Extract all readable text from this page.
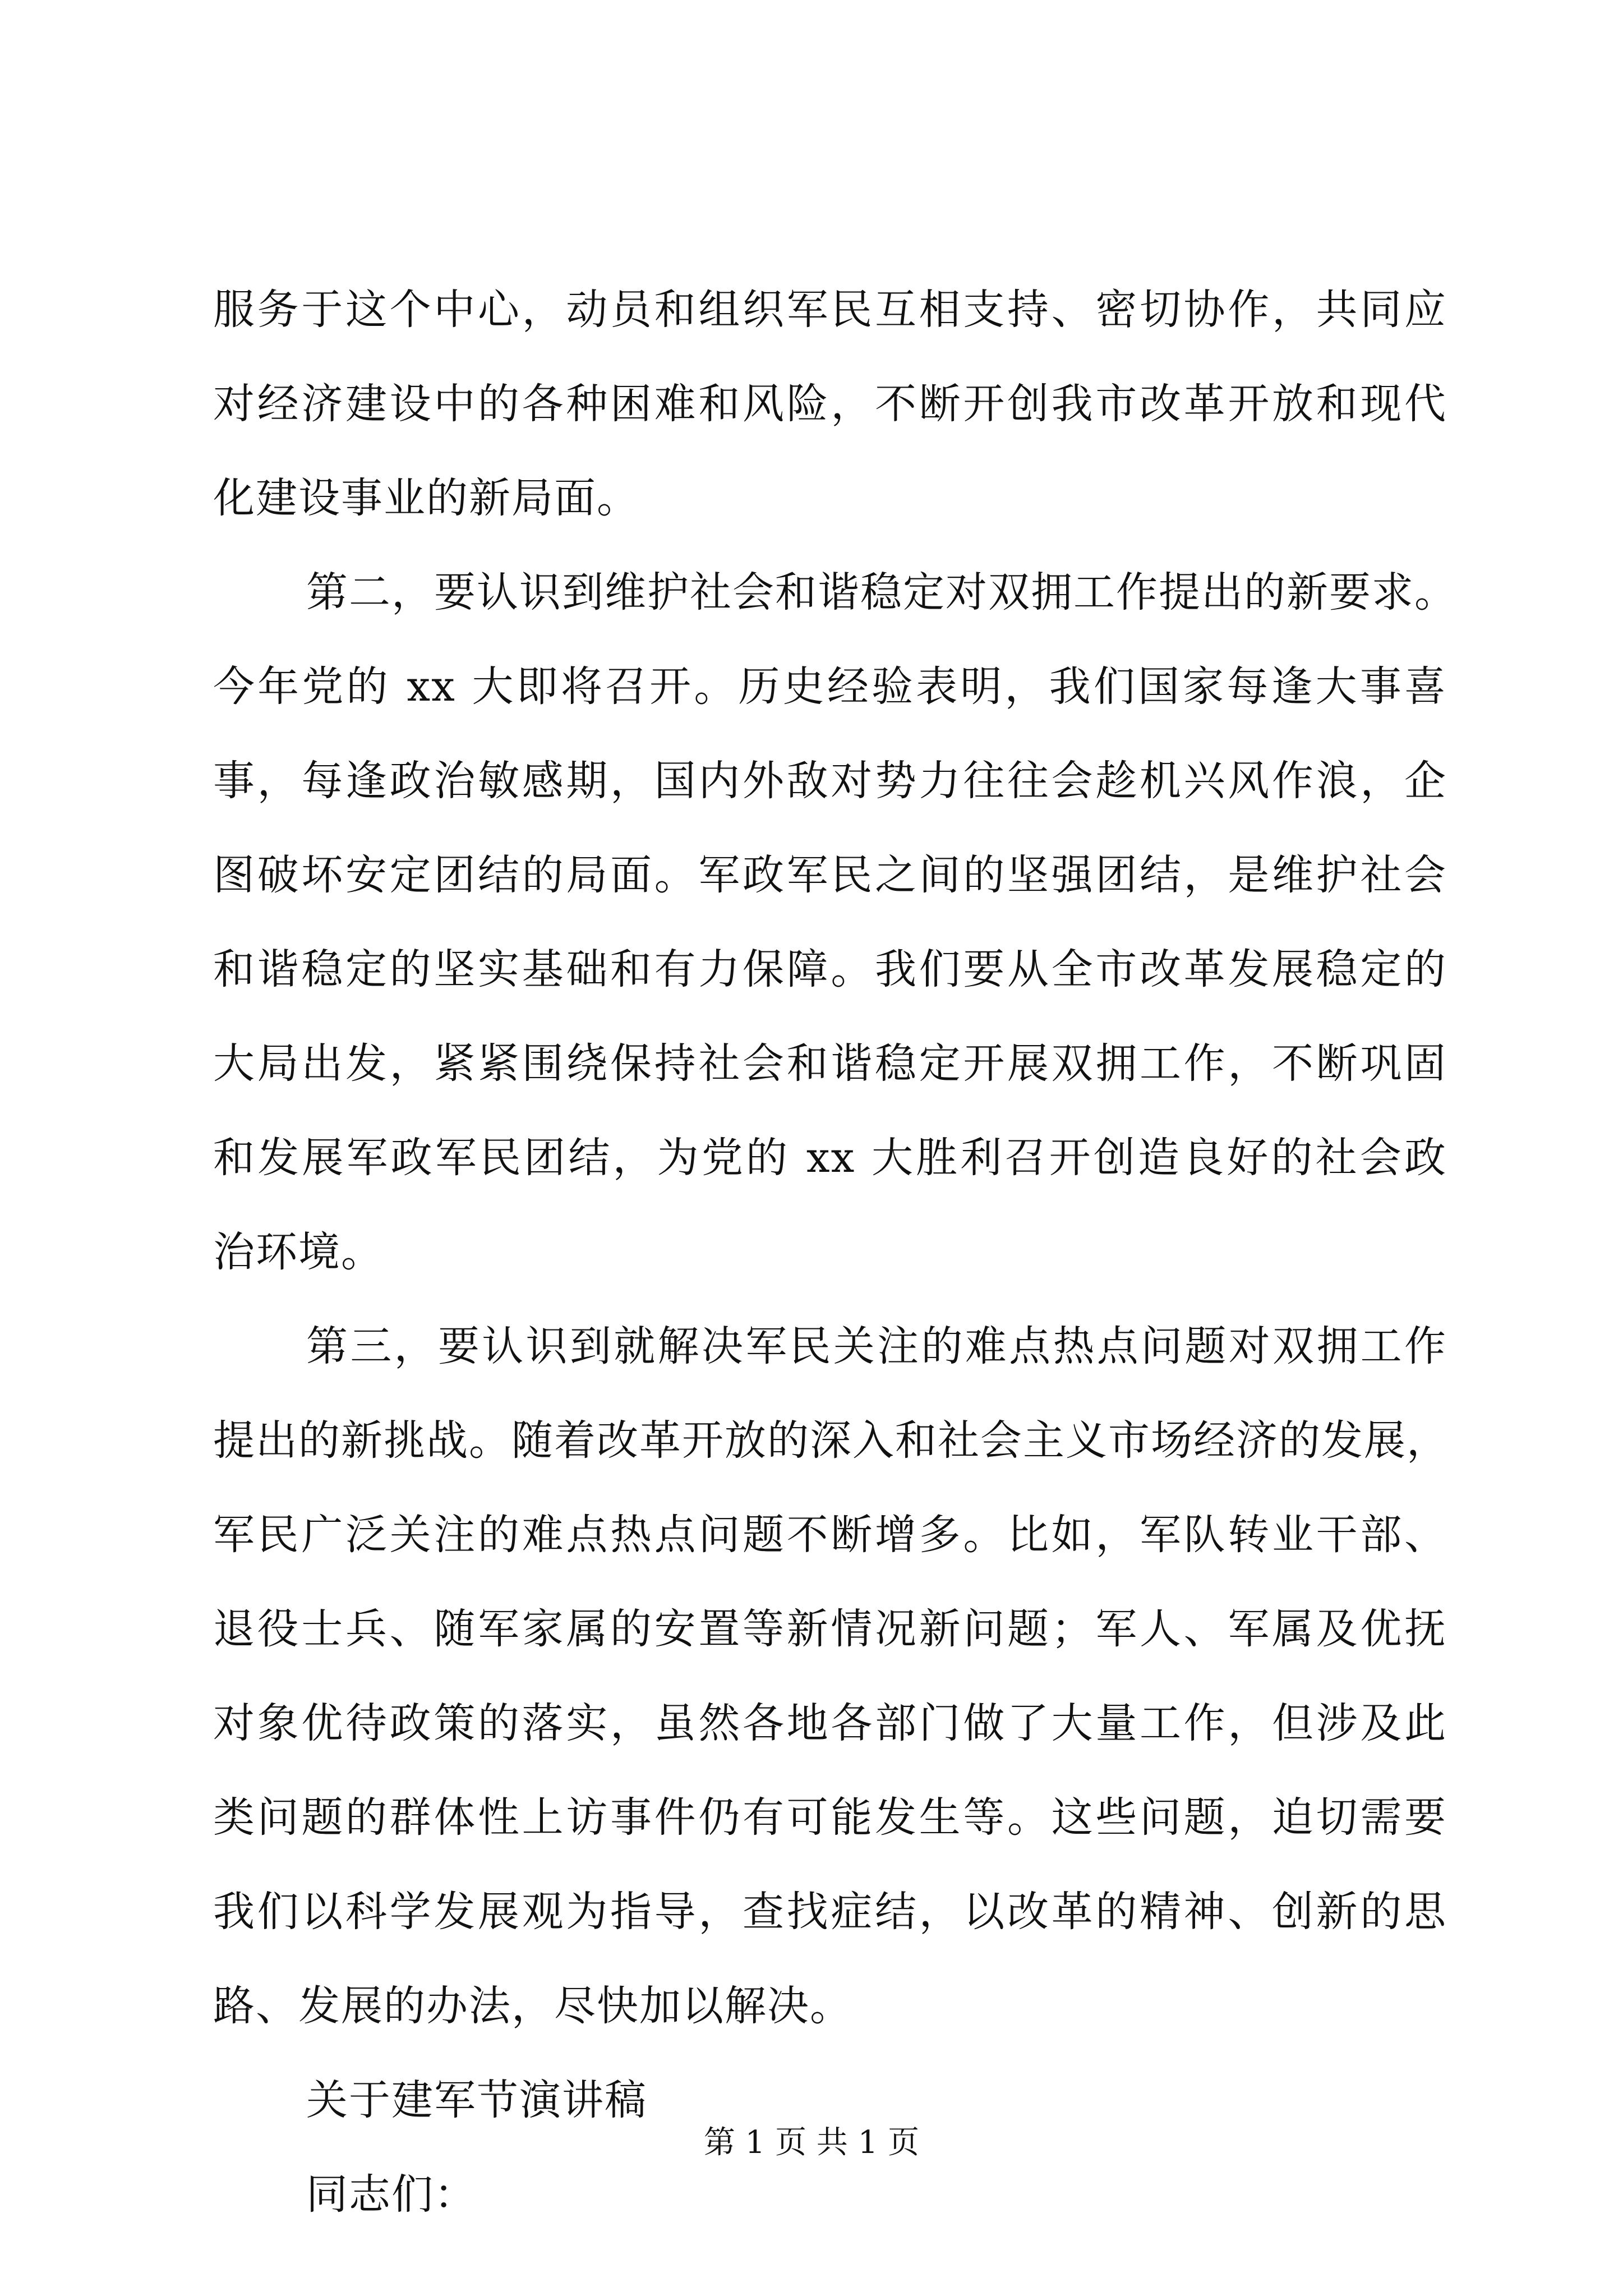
服务于这个中心，动员和组织军民互相支持、密切协作，共同应
对经济建设中的各种困难和风险，不断开创我市改革开放和现代
化建设事业的新局面。
第二，要认识到维护社会和谐稳定对双拥工作提出的新要求。
今年党的 xx 大即将召开。历史经验表明，我们国家每逢大事喜
事，每逢政治敏感期，国内外敌对势力往往会趁机兴风作浪，企
图破坏安定团结的局面。军政军民之间的坚强团结，是维护社会
和谐稳定的坚实基础和有力保障。我们要从全市改革发展稳定的
大局出发，紧紧围绕保持社会和谐稳定开展双拥工作，不断巩固
和发展军政军民团结，为党的 xx 大胜利召开创造良好的社会政
治环境。
第三，要认识到就解决军民关注的难点热点问题对双拥工作
提出的新挑战。随着改革开放的深入和社会主义市场经济的发展，
军民广泛关注的难点热点问题不断增多。比如，军队转业干部、
退役士兵、随军家属的安置等新情况新问题；军人、军属及优抚
对象优待政策的落实，虽然各地各部门做了大量工作，但涉及此
类问题的群体性上访事件仍有可能发生等。这些问题，迫切需要
我们以科学发展观为指导，查找症结，以改革的精神、创新的思
路、发展的办法，尽快加以解决。
关于建军节演讲稿
同志们：
第 1 页 共 1 页
